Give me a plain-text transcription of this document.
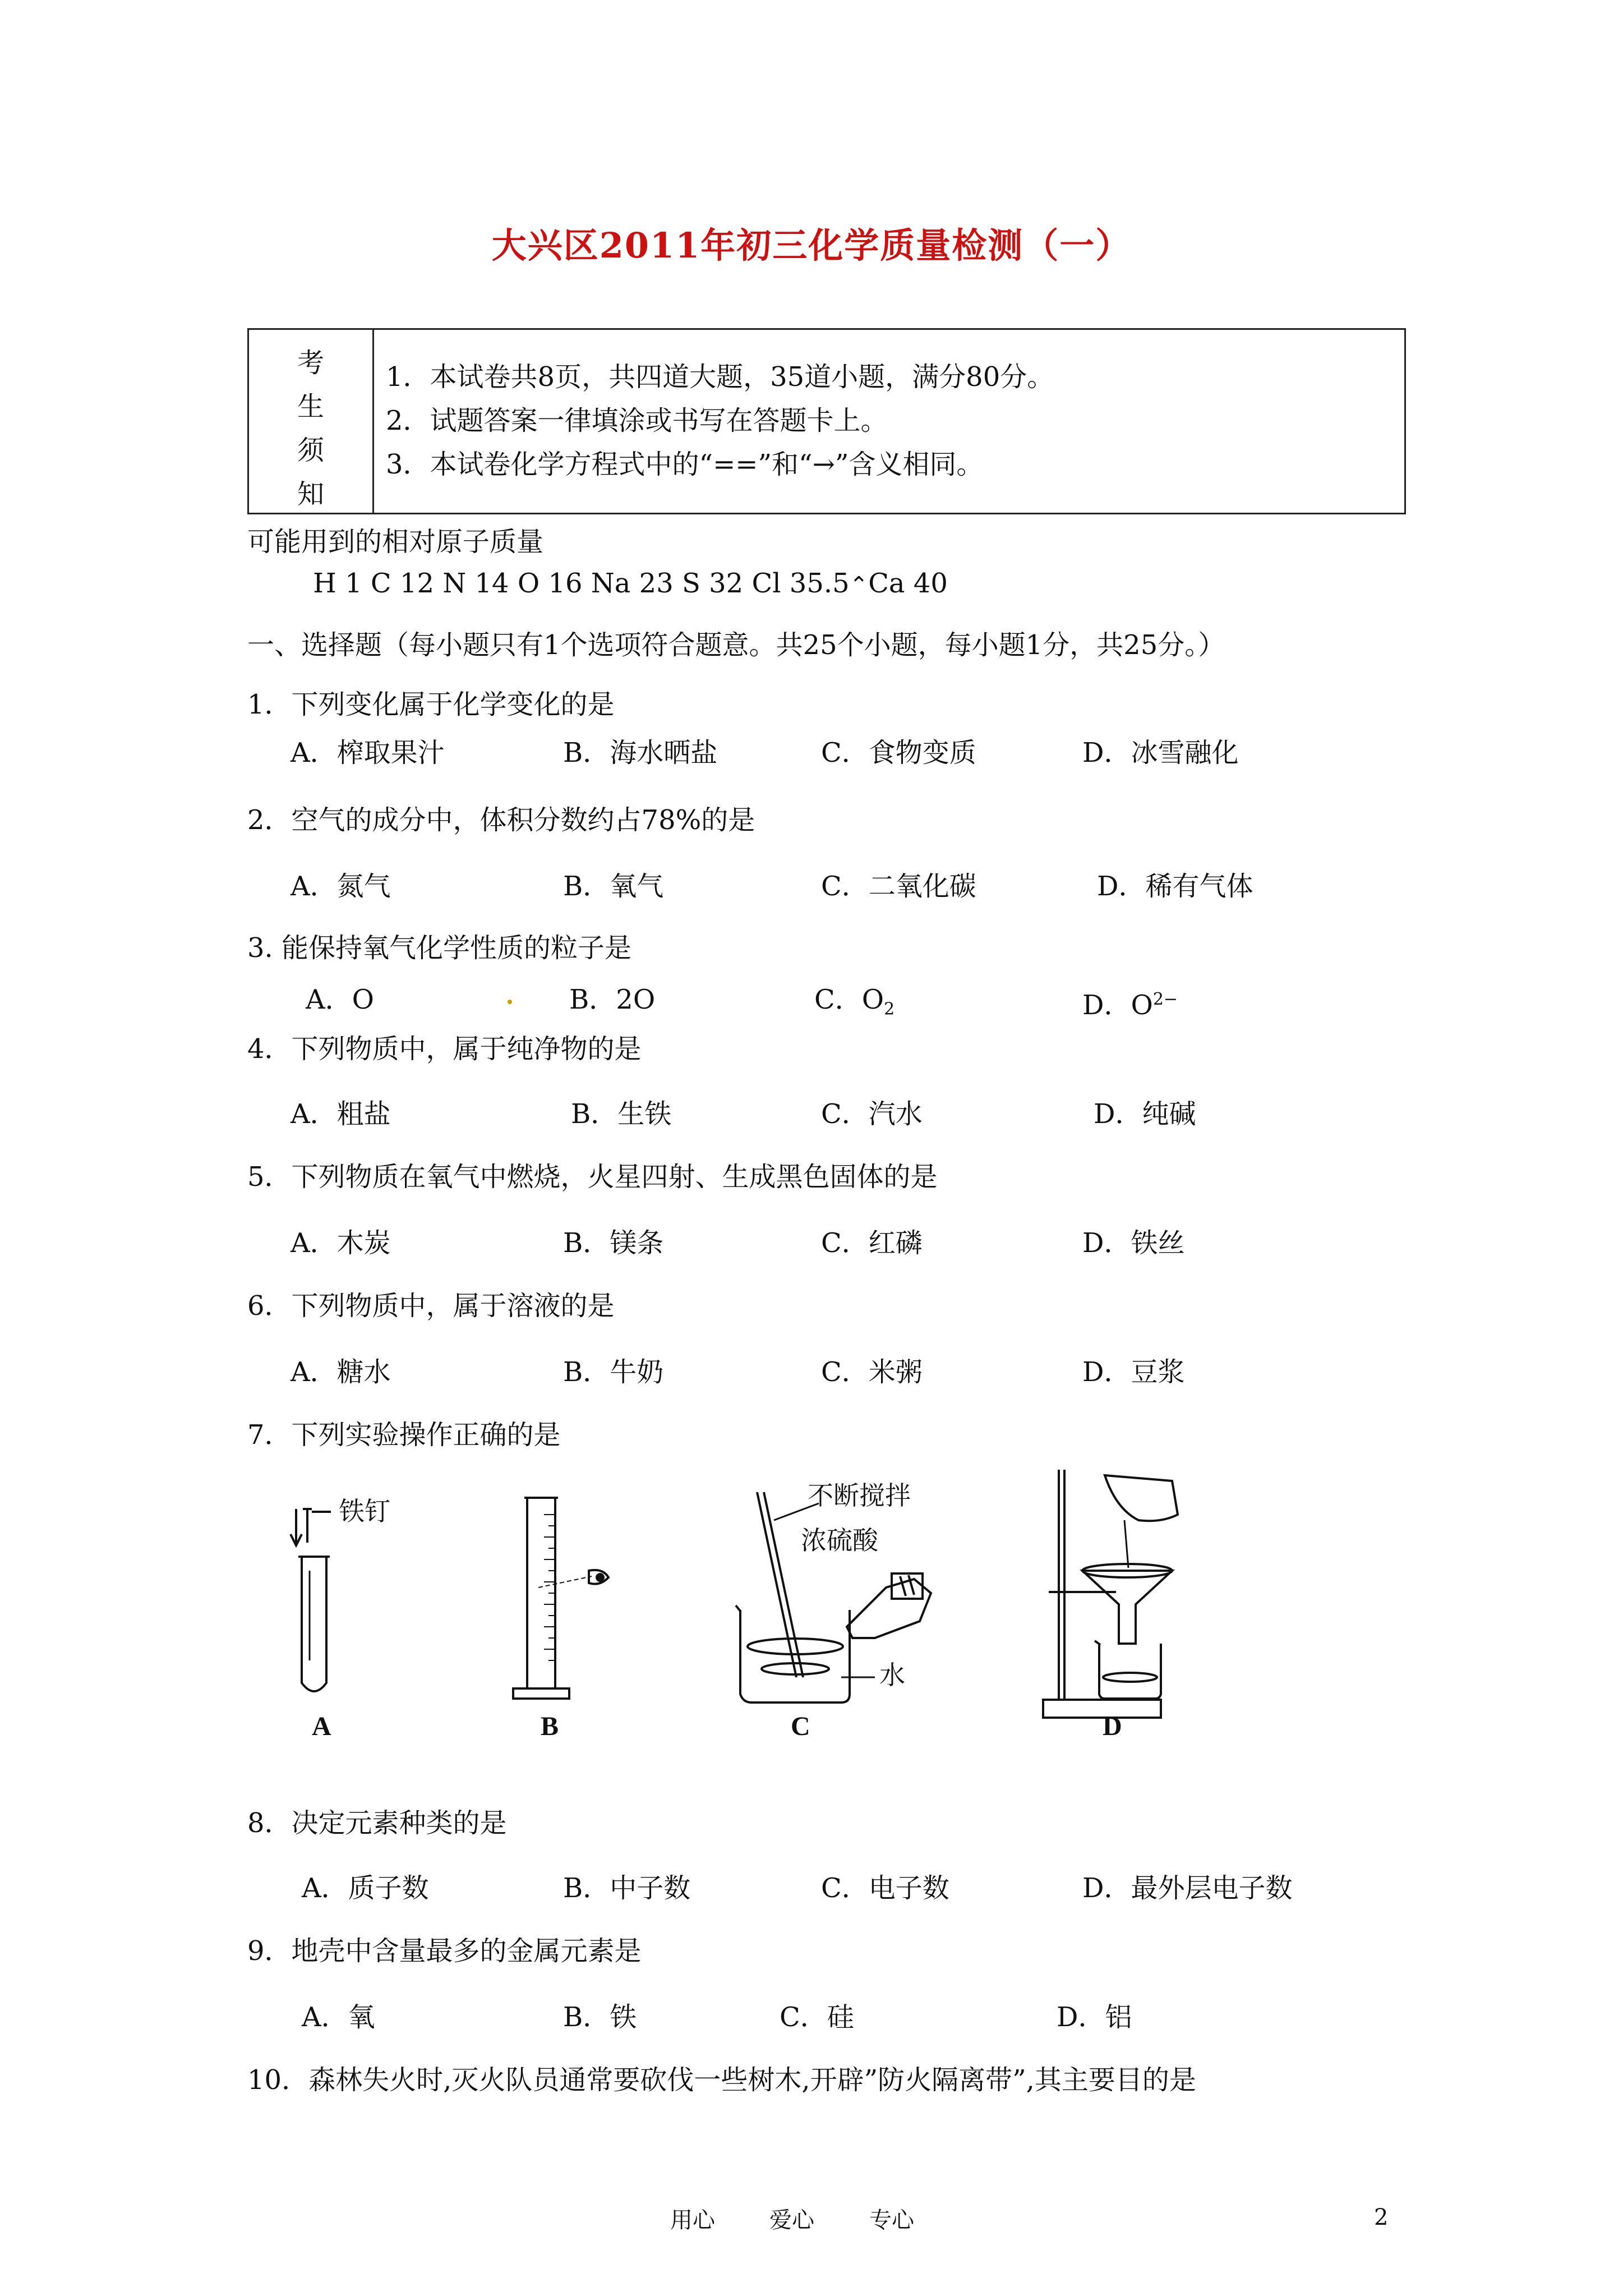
大兴区2011年初三化学质量检测（一）
考
生
须
知
1．本试卷共8页，共四道大题，35道小题，满分80分。
2．试题答案一律填涂或书写在答题卡上。
3．本试卷化学方程式中的“==”和“→”含义相同。
可能用到的相对原子质量
H 1 C 12 N 14 O 16 Na 23 S 32 Cl 35.5⌃Ca 40
一、选择题（每小题只有1个选项符合题意。共25个小题，每小题1分，共25分。）
1．下列变化属于化学变化的是
A．榨取果汁	B．海水晒盐	C．食物变质	D．冰雪融化
2．空气的成分中，体积分数约占78%的是
A．氮气	B．氧气	C．二氧化碳	D．稀有气体
3. 能保持氧气化学性质的粒子是
A．O	B．2O	C．$O_2$	D．$O^{2-}$
4．下列物质中，属于纯净物的是
A．粗盐	B．生铁	C．汽水	D．纯碱
5．下列物质在氧气中燃烧，火星四射、生成黑色固体的是
A．木炭	B．镁条	C．红磷	D．铁丝
6．下列物质中，属于溶液的是
A．糖水	B．牛奶	C．米粥	D．豆浆
7．下列实验操作正确的是
铁钉
不断搅拌
浓硫酸
水
A	B	C	D
8．决定元素种类的是
A．质子数	B．中子数	C．电子数	D．最外层电子数
9．地壳中含量最多的金属元素是
A．氧	B．铁	C．硅	D．铝
10．森林失火时,灭火队员通常要砍伐一些树木,开辟”防火隔离带”,其主要目的是
用心 爱心 专心	2
